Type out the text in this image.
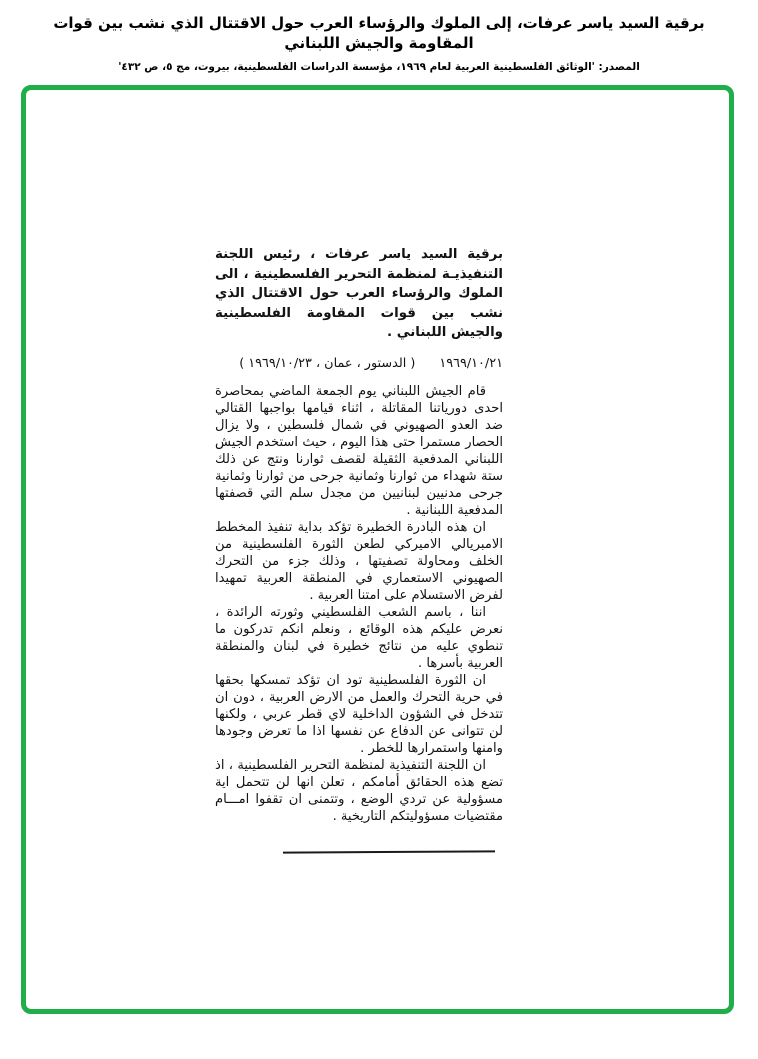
برقية السيد ياسر عرفات، إلى الملوك والرؤساء العرب حول الاقتتال الذي نشب بين قوات المقاومة والجيش اللبناني
المصدر: 'الوثائق الفلسطينية العربية لعام ١٩٦٩، مؤسسة الدراسات الفلسطينية، بيروت، مج ٥، ص ٤٣٢'
برقية السيد ياسر عرفات ، رئيس اللجنة التنفيذيـة لمنظمة التحرير الفلسطينية ، الى الملوك والرؤساء العرب حول الاقتتال الذي نشب بين قوات المقاومة الفلسطينية والجيش اللبناني .
١٩٦٩/١٠/٢١
( الدستور ، عمان ، ١٩٦٩/١٠/٢٣ )

قام الجيش اللبناني يوم الجمعة الماضي بمحاصرة احدى دورياتنا المقاتلة ، اثناء قيامها بواجبها القتالي ضد العدو الصهيوني في شمال فلسطين ، ولا يزال الحصار مستمرا حتى هذا اليوم ، حيث استخدم الجيش اللبناني المدفعية الثقيلة لقصف ثوارنا ونتج عن ذلك ستة شهداء من ثوارنا وثمانية جرحى من ثوارنا وثمانية جرحى مدنيين لبنانيين من مجدل سلم التي قصفتها المدفعية اللبنانية .

ان هذه البادرة الخطيرة تؤكد بداية تنفيذ المخطط الامبريالي الاميركي لطعن الثورة الفلسطينية من الخلف ومحاولة تصفيتها ، وذلك جزء من التحرك الصهيوني الاستعماري في المنطقة العربية تمهيدا لفرض الاستسلام على امتنا العربية .

اننا ، باسم الشعب الفلسطيني وثورته الرائدة ، نعرض عليكم هذه الوقائع ، ونعلم انكم تدركون ما تنطوي عليه من نتائج خطيرة في لبنان والمنطقة العربية بأسرها .

ان الثورة الفلسطينية تود ان تؤكد تمسكها بحقها في حرية التحرك والعمل من الارض العربية ، دون ان تتدخل في الشؤون الداخلية لاي قطر عربي ، ولكنها لن تتوانى عن الدفاع عن نفسها اذا ما تعرض وجودها وامنها واستمرارها للخطر .

ان اللجنة التنفيذية لمنظمة التحرير الفلسطينية ، اذ تضع هذه الحقائق أمامكم ، تعلن انها لن تتحمل اية مسؤولية عن تردي الوضع ، وتتمنى ان تقفوا امـــام مقتضيات مسؤوليتكم التاريخية .
